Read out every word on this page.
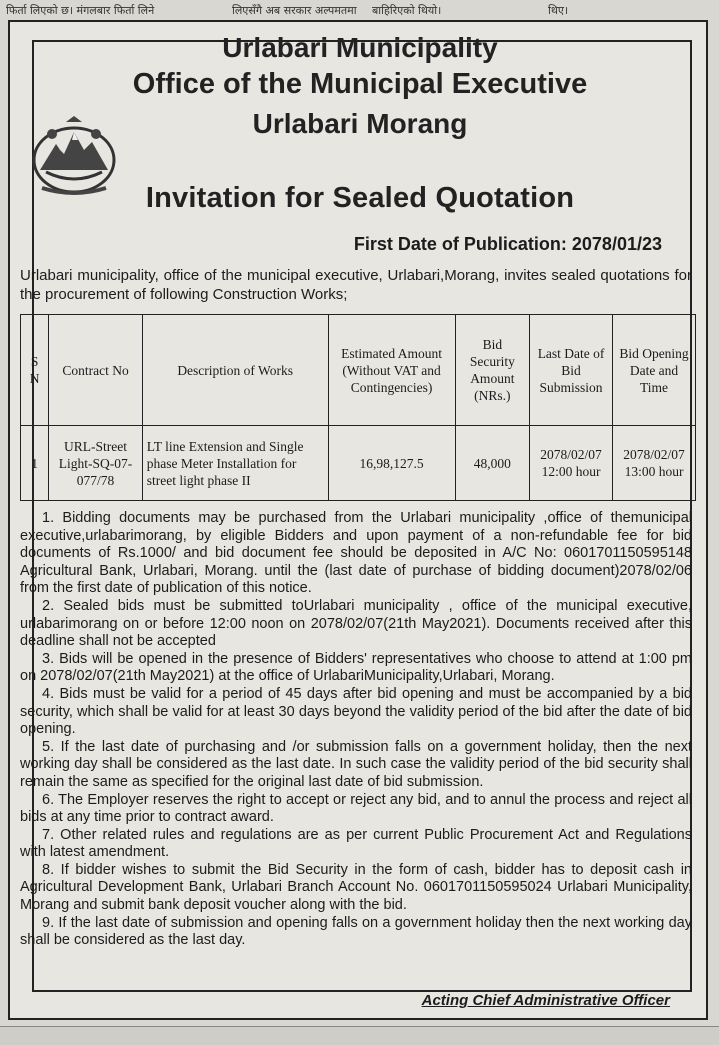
फिर्ता लिएको छ। मंगलबार फिर्ता लिने	लिएसँगै अब सरकार अल्पमतमा बाहिरिएको थियो।	थिए।
Urlabari Municipality
Office of the Municipal Executive
Urlabari Morang
Invitation for Sealed Quotation
First Date of Publication: 2078/01/23
Urlabari municipality, office of the municipal executive, Urlabari,Morang, invites sealed quotations for the procurement of following Construction Works;
S N	Contract No	Description of Works	Estimated Amount (Without VAT and Contingencies)	Bid Security Amount (NRs.)	Last Date of Bid Submission	Bid Opening Date and Time
1	URL-Street Light-SQ-07-077/78	LT line Extension and Single phase Meter Installation for street light phase II	16,98,127.5	48,000	2078/02/07 12:00 hour	2078/02/07 13:00 hour

1. Bidding documents may be purchased from the Urlabari municipality ,office of themunicipal executive,urlabarimorang, by eligible Bidders and upon payment of a non-refundable fee for bid documents of Rs.1000/ and bid document fee should be deposited in A/C No: 0601701150595148 Agricultural Bank, Urlabari, Morang. until the (last date of purchase of bidding document)2078/02/06 from the first date of publication of this notice.

2. Sealed bids must be submitted toUrlabari municipality , office of the municipal executive, urlabarimorang on or before 12:00 noon on 2078/02/07(21th May2021). Documents received after this deadline shall not be accepted

3. Bids will be opened in the presence of Bidders' representatives who choose to attend at 1:00 pm on 2078/02/07(21th May2021) at the office of UrlabariMunicipality,Urlabari, Morang.

4. Bids must be valid for a period of 45 days after bid opening and must be accompanied by a bid security, which shall be valid for at least 30 days beyond the validity period of the bid after the date of bid opening.

5. If the last date of purchasing and /or submission falls on a government holiday, then the next working day shall be considered as the last date. In such case the validity period of the bid security shall remain the same as specified for the original last date of bid submission.

6. The Employer reserves the right to accept or reject any bid, and to annul the process and reject all bids at any time prior to contract award.

7. Other related rules and regulations are as per current Public Procurement Act and Regulations with latest amendment.

8. If bidder wishes to submit the Bid Security in the form of cash, bidder has to deposit cash in Agricultural Development Bank, Urlabari Branch Account No. 0601701150595024 Urlabari Municipality, Morang and submit bank deposit voucher along with the bid.

9. If the last date of submission and opening falls on a government holiday then the next working day shall be considered as the last day.

Acting Chief Administrative Officer
